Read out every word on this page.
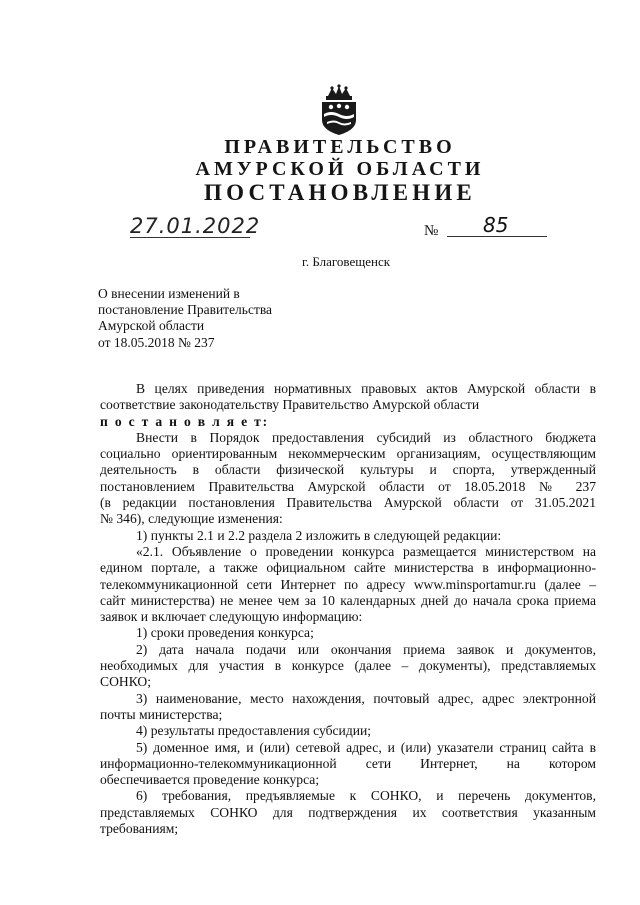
ПРАВИТЕЛЬСТВО
АМУРСКОЙ ОБЛАСТИ
ПОСТАНОВЛЕНИЕ
27.01.2022	№	85
г. Благовещенск
О внесении изменений в
постановление Правительства
Амурской области
от 18.05.2018 № 237
В целях приведения нормативных правовых актов Амурской области в
соответствие законодательству Правительство Амурской области
п о с т а н о в л я е т:
Внести в Порядок предоставления субсидий из областного бюджета
социально ориентированным некоммерческим организациям, осуществляющим
деятельность в области физической культуры и спорта, утвержденный
постановлением Правительства Амурской области от 18.05.2018 № 237
(в редакции постановления Правительства Амурской области от 31.05.2021
№ 346), следующие изменения:
1) пункты 2.1 и 2.2 раздела 2 изложить в следующей редакции:
«2.1. Объявление о проведении конкурса размещается министерством на
едином портале, а также официальном сайте министерства в информационно-
телекоммуникационной сети Интернет по адресу www.minsportamur.ru (далее –
сайт министерства) не менее чем за 10 календарных дней до начала срока приема
заявок и включает следующую информацию:
1) сроки проведения конкурса;
2) дата начала подачи или окончания приема заявок и документов,
необходимых для участия в конкурсе (далее – документы), представляемых
СОНКО;
3) наименование, место нахождения, почтовый адрес, адрес электронной
почты министерства;
4) результаты предоставления субсидии;
5) доменное имя, и (или) сетевой адрес, и (или) указатели страниц сайта в
информационно-телекоммуникационной сети Интернет, на котором
обеспечивается проведение конкурса;
6) требования, предъявляемые к СОНКО, и перечень документов,
представляемых СОНКО для подтверждения их соответствия указанным
требованиям;
